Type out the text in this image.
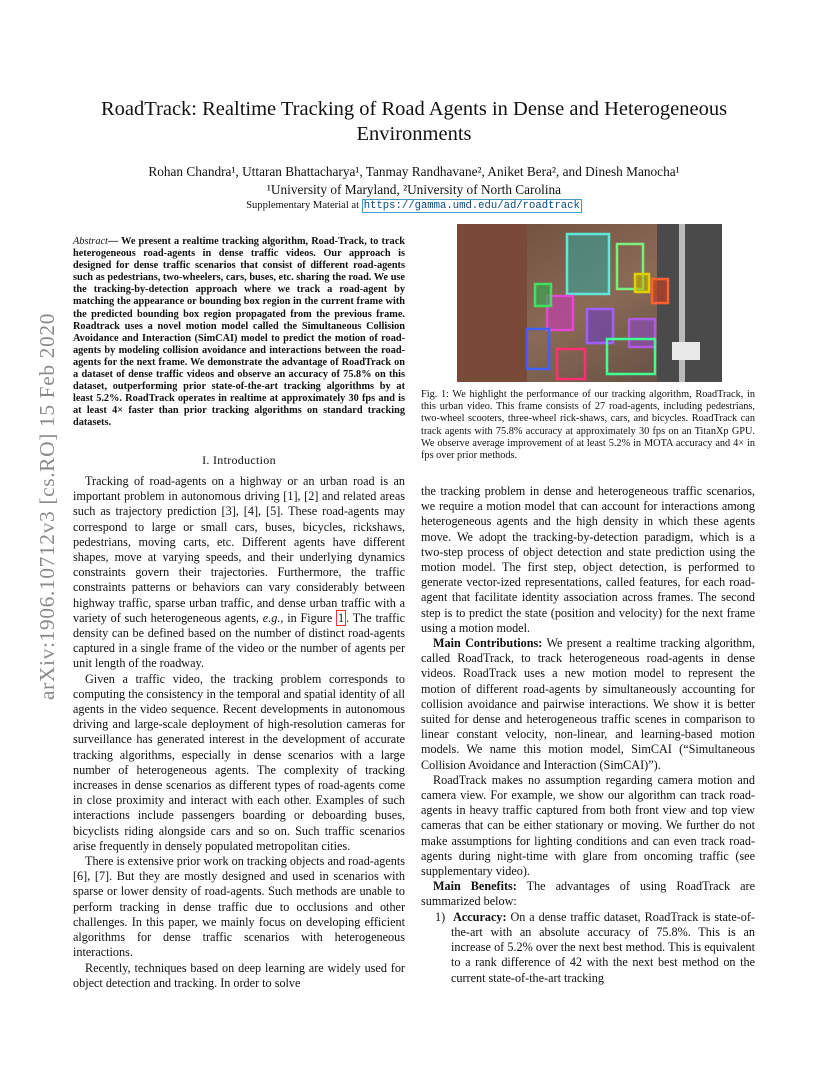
arXiv:1906.10712v3 [cs.RO] 15 Feb 2020
RoadTrack: Realtime Tracking of Road Agents in Dense and Heterogeneous Environments
Rohan Chandra¹, Uttaran Bhattacharya¹, Tanmay Randhavane², Aniket Bera², and Dinesh Manocha¹
¹University of Maryland, ²University of North Carolina
Supplementary Material at https://gamma.umd.edu/ad/roadtrack
Abstract— We present a realtime tracking algorithm, Road-Track, to track heterogeneous road-agents in dense traffic videos. Our approach is designed for dense traffic scenarios that consist of different road-agents such as pedestrians, two-wheelers, cars, buses, etc. sharing the road. We use the tracking-by-detection approach where we track a road-agent by matching the appearance or bounding box region in the current frame with the predicted bounding box region propagated from the previous frame. Roadtrack uses a novel motion model called the Simultaneous Collision Avoidance and Interaction (SimCAI) model to predict the motion of road-agents by modeling collision avoidance and interactions between the road-agents for the next frame. We demonstrate the advantage of RoadTrack on a dataset of dense traffic videos and observe an accuracy of 75.8% on this dataset, outperforming prior state-of-the-art tracking algorithms by at least 5.2%. RoadTrack operates in realtime at approximately 30 fps and is at least 4× faster than prior tracking algorithms on standard tracking datasets.
I. Introduction

Tracking of road-agents on a highway or an urban road is an important problem in autonomous driving [1], [2] and related areas such as trajectory prediction [3], [4], [5]. These road-agents may correspond to large or small cars, buses, bicycles, rickshaws, pedestrians, moving carts, etc. Different agents have different shapes, move at varying speeds, and their underlying dynamics constraints govern their trajectories. Furthermore, the traffic constraints patterns or behaviors can vary considerably between highway traffic, sparse urban traffic, and dense urban traffic with a variety of such heterogeneous agents, e.g., in Figure 1 . The traffic density can be defined based on the number of distinct road-agents captured in a single frame of the video or the number of agents per unit length of the roadway.

Given a traffic video, the tracking problem corresponds to computing the consistency in the temporal and spatial identity of all agents in the video sequence. Recent developments in autonomous driving and large-scale deployment of high-resolution cameras for surveillance has generated interest in the development of accurate tracking algorithms, especially in dense scenarios with a large number of heterogeneous agents. The complexity of tracking increases in dense scenarios as different types of road-agents come in close proximity and interact with each other. Examples of such interactions include passengers boarding or deboarding buses, bicyclists riding alongside cars and so on. Such traffic scenarios arise frequently in densely populated metropolitan cities.

There is extensive prior work on tracking objects and road-agents [6], [7]. But they are mostly designed and used in scenarios with sparse or lower density of road-agents. Such methods are unable to perform tracking in dense traffic due to occlusions and other challenges. In this paper, we mainly focus on developing efficient algorithms for dense traffic scenarios with heterogeneous interactions.

Recently, techniques based on deep learning are widely used for object detection and tracking. In order to solve

Fig. 1: We highlight the performance of our tracking algorithm, RoadTrack, in this urban video. This frame consists of 27 road-agents, including pedestrians, two-wheel scooters, three-wheel rick-shaws, cars, and bicycles. RoadTrack can track agents with 75.8% accuracy at approximately 30 fps on an TitanXp GPU. We observe average improvement of at least 5.2% in MOTA accuracy and 4× in fps over prior methods.

the tracking problem in dense and heterogeneous traffic scenarios, we require a motion model that can account for interactions among heterogeneous agents and the high density in which these agents move. We adopt the tracking-by-detection paradigm, which is a two-step process of object detection and state prediction using the motion model. The first step, object detection, is performed to generate vector-ized representations, called features, for each road-agent that facilitate identity association across frames. The second step is to predict the state (position and velocity) for the next frame using a motion model.

Main Contributions: We present a realtime tracking algorithm, called RoadTrack, to track heterogeneous road-agents in dense videos. RoadTrack uses a new motion model to represent the motion of different road-agents by simultaneously accounting for collision avoidance and pairwise interactions. We show it is better suited for dense and heterogeneous traffic scenes in comparison to linear constant velocity, non-linear, and learning-based motion models. We name this motion model, SimCAI (“Simultaneous Collision Avoidance and Interaction (SimCAI)”).

RoadTrack makes no assumption regarding camera motion and camera view. For example, we show our algorithm can track road-agents in heavy traffic captured from both front view and top view cameras that can be either stationary or moving. We further do not make assumptions for lighting conditions and can even track road-agents during night-time with glare from oncoming traffic (see supplementary video).

Main Benefits: The advantages of using RoadTrack are summarized below:

1) Accuracy: On a dense traffic dataset, RoadTrack is state-of-the-art with an absolute accuracy of 75.8%. This is an increase of 5.2% over the next best method. This is equivalent to a rank difference of 42 with the next best method on the current state-of-the-art tracking
